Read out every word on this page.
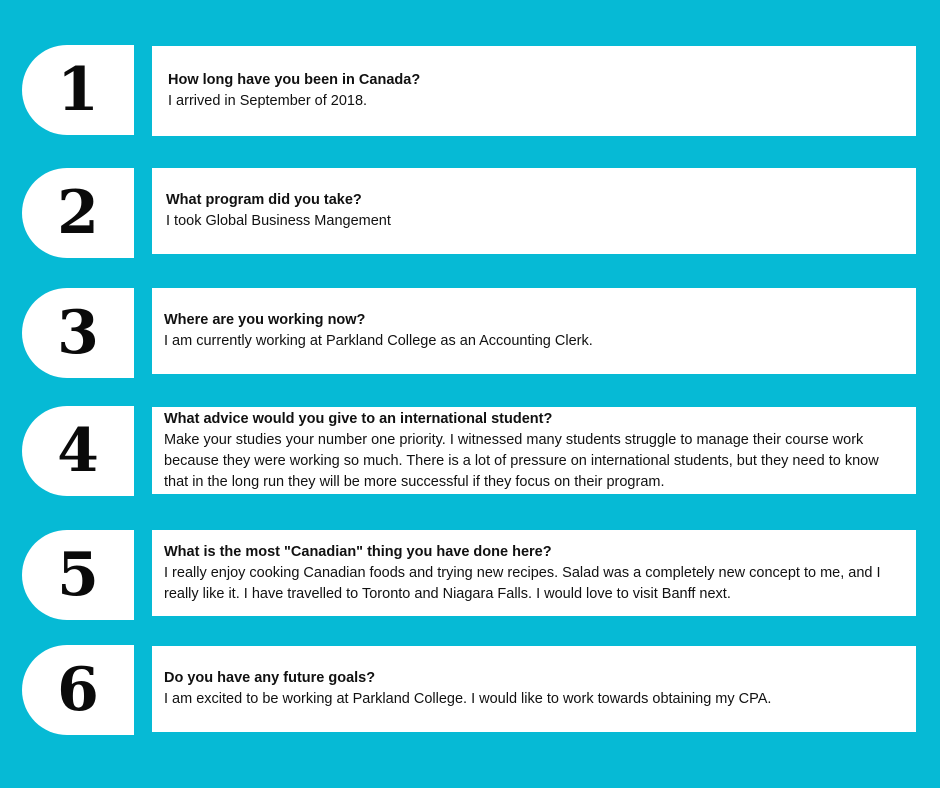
1	How long have you been in Canada?
I arrived in September of 2018.
2	What program did you take?
I took Global Business Mangement
3	Where are you working now?
I am currently working at Parkland College as an Accounting Clerk.
4	What advice would you give to an international student?
Make your studies your number one priority. I witnessed many students struggle to manage their course work because they were working so much. There is a lot of pressure on international students, but they need to know that in the long run they will be more successful if they focus on their program.
5	What is the most "Canadian" thing you have done here?
I really enjoy cooking Canadian foods and trying new recipes. Salad was a completely new concept to me, and I really like it. I have travelled to Toronto and Niagara Falls. I would love to visit Banff next.
6	Do you have any future goals?
I am excited to be working at Parkland College. I would like to work towards obtaining my CPA.
